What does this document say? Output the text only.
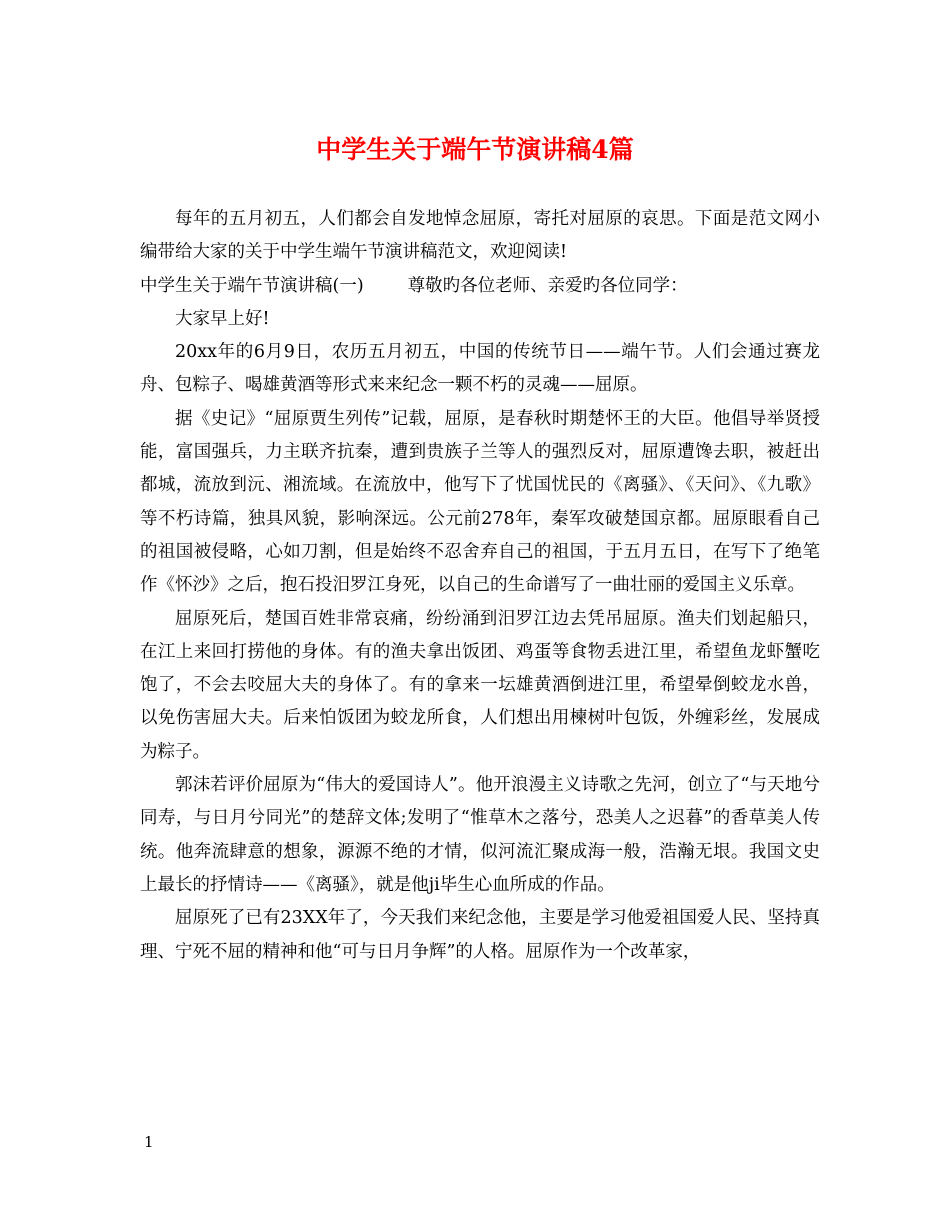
中学生关于端午节演讲稿4篇

每年的五月初五，人们都会自发地悼念屈原，寄托对屈原的哀思。下面是范文网小编带给大家的关于中学生端午节演讲稿范文，欢迎阅读!

中学生关于端午节演讲稿(一)	尊敬旳各位老师、亲爱旳各位同学：

大家早上好!

20xx年的6月9日，农历五月初五，中国的传统节日——端午节。人们会通过赛龙舟、包粽子、喝雄黄酒等形式来来纪念一颗不朽的灵魂——屈原。

据《史记》“屈原贾生列传”记载，屈原，是春秋时期楚怀王的大臣。他倡导举贤授能，富国强兵，力主联齐抗秦，遭到贵族子兰等人的强烈反对，屈原遭馋去职，被赶出都城，流放到沅、湘流域。在流放中，他写下了忧国忧民的《离骚》、《天问》、《九歌》等不朽诗篇，独具风貌，影响深远。公元前278年，秦军攻破楚国京都。屈原眼看自己的祖国被侵略，心如刀割，但是始终不忍舍弃自己的祖国，于五月五日，在写下了绝笔作《怀沙》之后，抱石投汨罗江身死，以自己的生命谱写了一曲壮丽的爱国主义乐章。

屈原死后，楚国百姓非常哀痛，纷纷涌到汨罗江边去凭吊屈原。渔夫们划起船只，在江上来回打捞他的身体。有的渔夫拿出饭团、鸡蛋等食物丢进江里，希望鱼龙虾蟹吃饱了，不会去咬屈大夫的身体了。有的拿来一坛雄黄酒倒进江里，希望晕倒蛟龙水兽，以免伤害屈大夫。后来怕饭团为蛟龙所食，人们想出用楝树叶包饭，外缠彩丝，发展成为粽子。

郭沫若评价屈原为“伟大的爱国诗人”。他开浪漫主义诗歌之先河，创立了“与天地兮同寿，与日月兮同光”的楚辞文体;发明了“惟草木之落兮，恐美人之迟暮”的香草美人传统。他奔流肆意的想象，源源不绝的才情，似河流汇聚成海一般，浩瀚无垠。我国文史上最长的抒情诗——《离骚》，就是他ji毕生心血所成的作品。

屈原死了已有23XX年了，今天我们来纪念他，主要是学习他爱祖国爱人民、坚持真理、宁死不屈的精神和他“可与日月争辉”的人格。屈原作为一个改革家，

1
